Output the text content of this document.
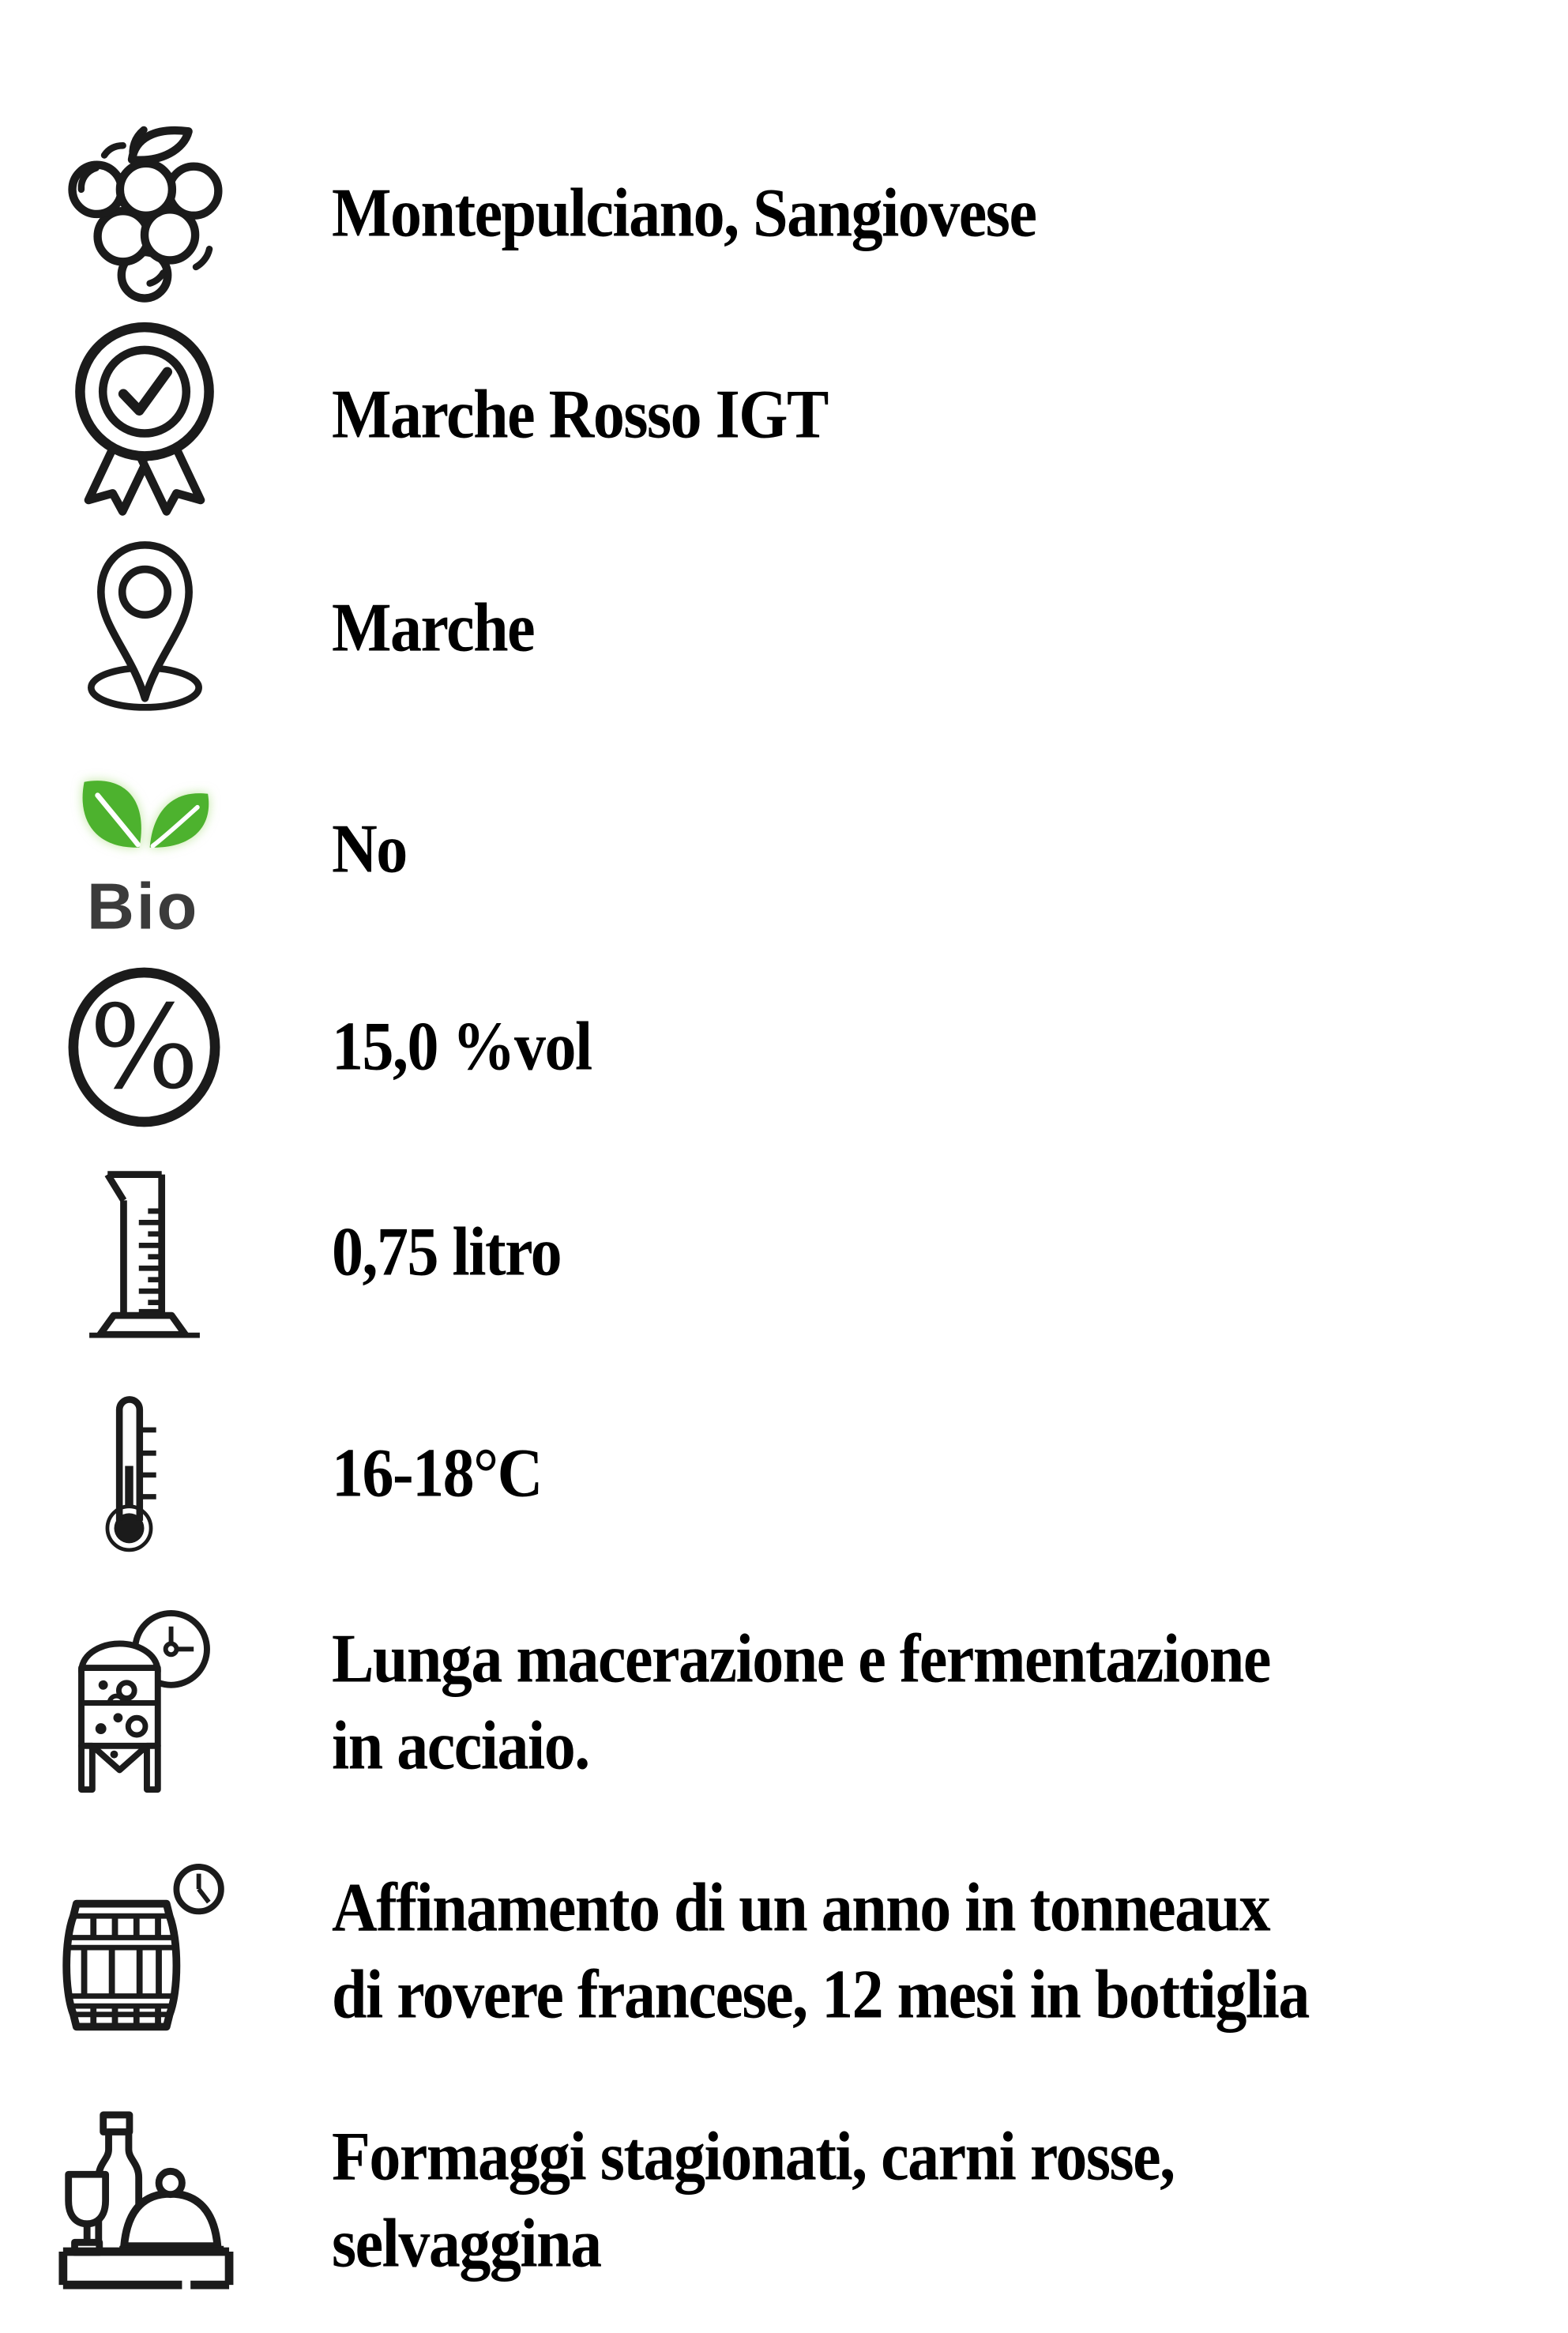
Montepulciano, Sangiovese
Marche Rosso IGT
Marche
Bio
No
% 15,0 %vol
0,75 litro
16-18°C
Lunga macerazione e fermentazione
in acciaio.
Affinamento di un anno in tonneaux
di rovere francese, 12 mesi in bottiglia
Formaggi stagionati, carni rosse,
selvaggina
